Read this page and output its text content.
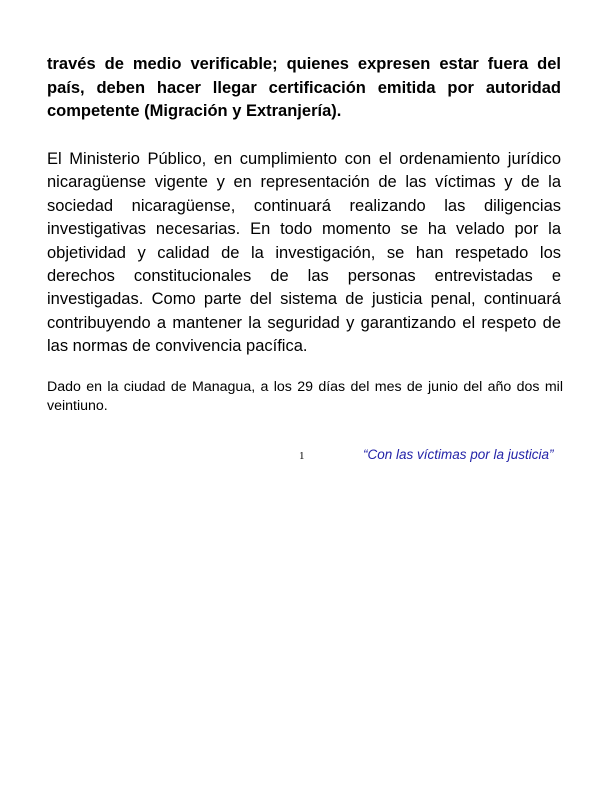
través de medio verificable; quienes expresen estar fuera del país, deben hacer llegar certificación emitida por autoridad competente (Migración y Extranjería).

El Ministerio Público, en cumplimiento con el ordenamiento jurídico nicaragüense vigente y en representación de las víctimas y de la sociedad nicaragüense, continuará realizando las diligencias investigativas necesarias. En todo momento se ha velado por la objetividad y calidad de la investigación, se han respetado los derechos constitucionales de las personas entrevistadas e investigadas. Como parte del sistema de justicia penal, continuará contribuyendo a mantener la seguridad y garantizando el respeto de las normas de convivencia pacífica.

Dado en la ciudad de Managua, a los 29 días del mes de junio del año dos mil veintiuno.

1	“Con las víctimas por la justicia”
